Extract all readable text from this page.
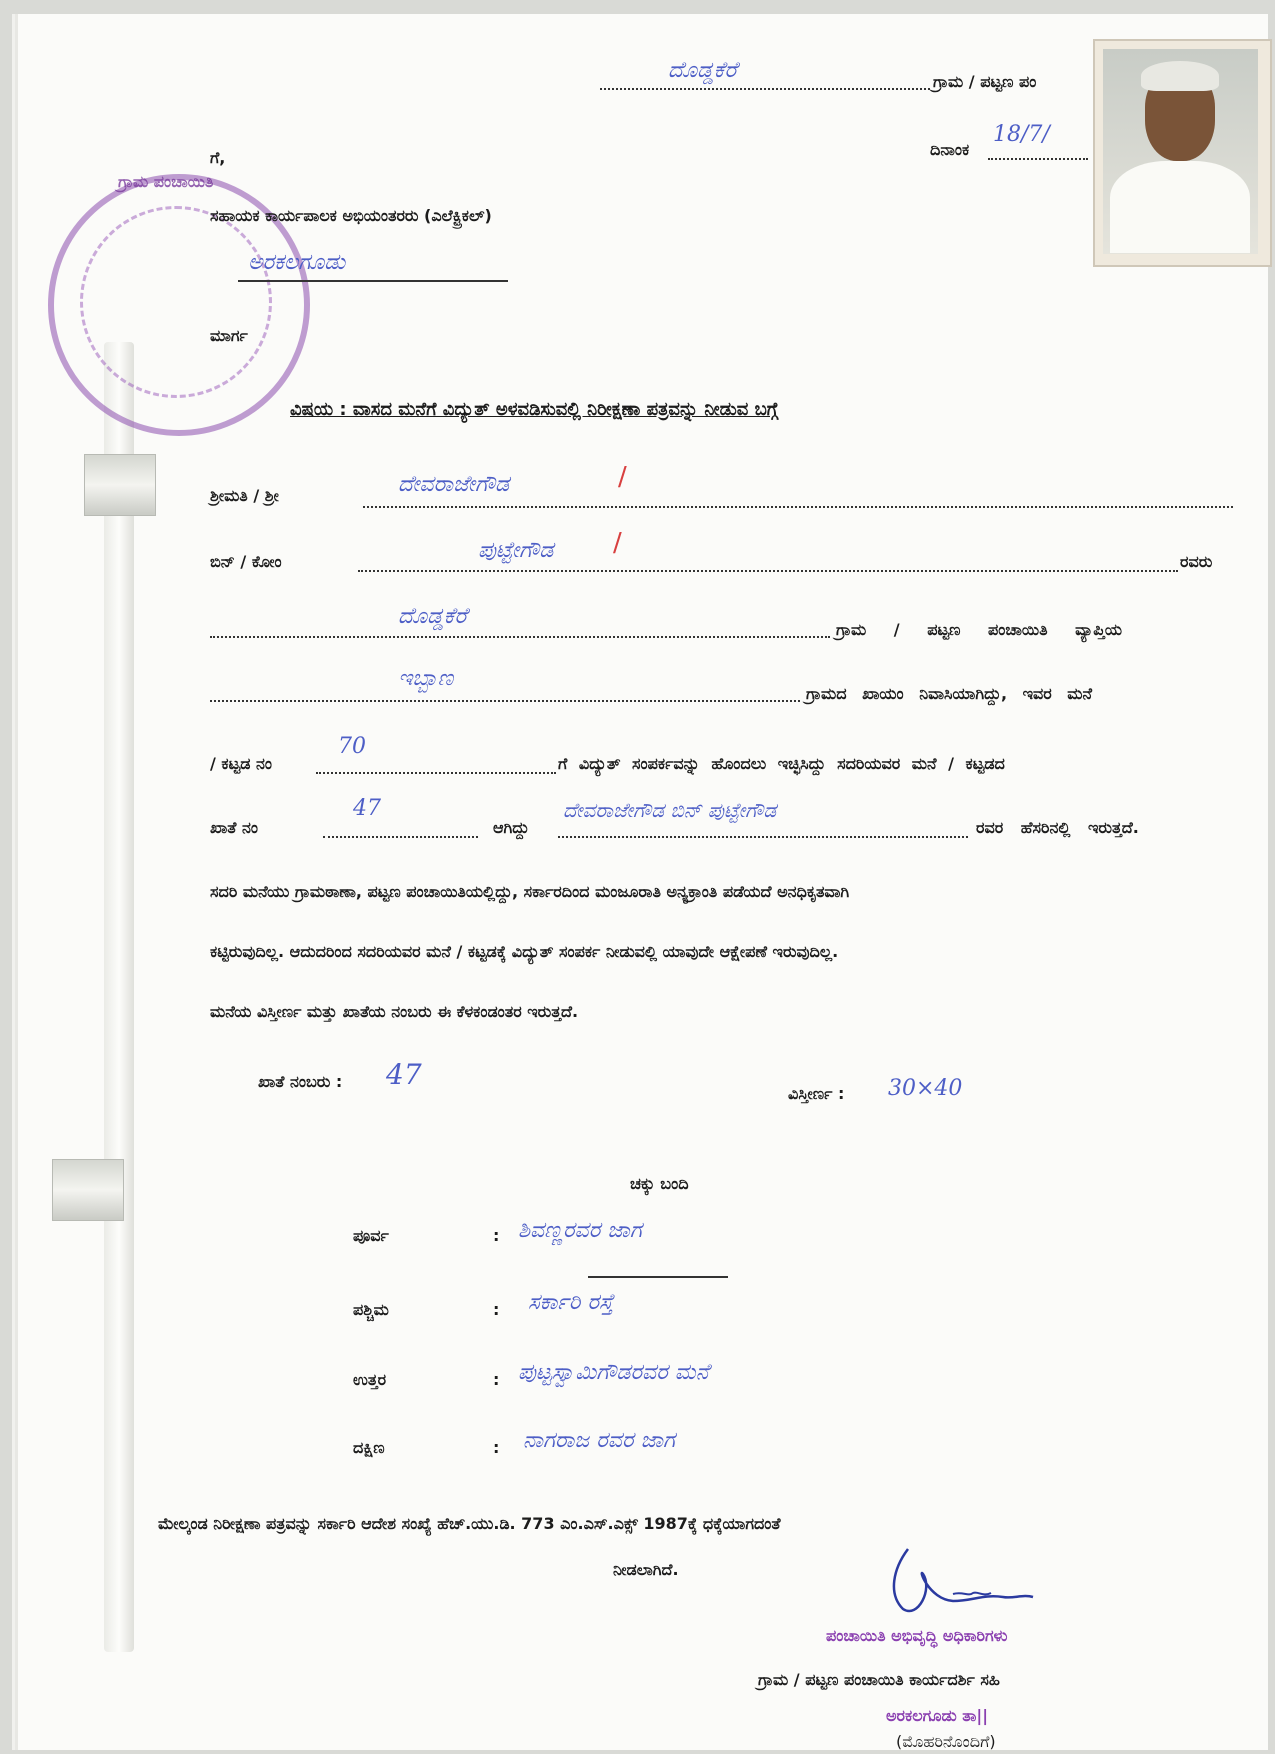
ಗ್ರಾಮ ಪಂಚಾಯಿತಿ
ದೊಡ್ಡಕೆರೆ	ಗ್ರಾಮ / ಪಟ್ಟಣ ಪಂ
ದಿನಾಂಕ
18/7/
ಗೆ,
ಸಹಾಯಕ ಕಾರ್ಯಪಾಲಕ ಅಭಿಯಂತರರು (ಎಲೆಕ್ಟ್ರಿಕಲ್)
ಅರಕಲಗೂಡು
ಮಾರ್ಗ
ವಿಷಯ : ವಾಸದ ಮನೆಗೆ ವಿದ್ಯುತ್ ಅಳವಡಿಸುವಲ್ಲಿ ನಿರೀಕ್ಷಣಾ ಪತ್ರವನ್ನು ನೀಡುವ ಬಗ್ಗೆ
ಶ್ರೀಮತಿ / ಶ್ರೀ	ದೇವರಾಜೇಗೌಡ	/
ಬಿನ್ / ಕೋಂ	ಪುಟ್ಟೇಗೌಡ /
ರವರು
ದೊಡ್ಡಕೆರೆ
ಗ್ರಾಮ / ಪಟ್ಟಣ ಪಂಚಾಯಿತಿ ವ್ಯಾಪ್ತಿಯ
ಇಬ್ಬಾಣ
ಗ್ರಾಮದ ಖಾಯಂ ನಿವಾಸಿಯಾಗಿದ್ದು, ಇವರ ಮನೆ
/ ಕಟ್ಟಡ ನಂ
70
ಗೆ ವಿದ್ಯುತ್ ಸಂಪರ್ಕವನ್ನು ಹೊಂದಲು ಇಚ್ಛಿಸಿದ್ದು ಸದರಿಯವರ ಮನೆ / ಕಟ್ಟಡದ
ಖಾತೆ ನಂ
47
ಆಗಿದ್ದು
ದೇವರಾಜೇಗೌಡ ಬಿನ್ ಪುಟ್ಟೇಗೌಡ
ರವರ ಹೆಸರಿನಲ್ಲಿ ಇರುತ್ತದೆ.
ಸದರಿ ಮನೆಯು ಗ್ರಾಮಠಾಣಾ, ಪಟ್ಟಣ ಪಂಚಾಯಿತಿಯಲ್ಲಿದ್ದು, ಸರ್ಕಾರದಿಂದ ಮಂಜೂರಾತಿ ಅನ್ಯಕ್ರಾಂತಿ ಪಡೆಯದೆ ಅನಧಿಕೃತವಾಗಿ
ಕಟ್ಟಿರುವುದಿಲ್ಲ. ಆದುದರಿಂದ ಸದರಿಯವರ ಮನೆ / ಕಟ್ಟಡಕ್ಕೆ ವಿದ್ಯುತ್ ಸಂಪರ್ಕ ನೀಡುವಲ್ಲಿ ಯಾವುದೇ ಆಕ್ಷೇಪಣೆ ಇರುವುದಿಲ್ಲ.
ಮನೆಯ ವಿಸ್ತೀರ್ಣ ಮತ್ತು ಖಾತೆಯ ನಂಬರು ಈ ಕೆಳಕಂಡಂತರ ಇರುತ್ತದೆ.
ಖಾತೆ ನಂಬರು : 47
ವಿಸ್ತೀರ್ಣ : 30×40
ಚಕ್ಕು ಬಂದಿ
ಪೂರ್ವ	: ಶಿವಣ್ಣರವರ ಜಾಗ
ಪಶ್ಚಿಮ	: ಸರ್ಕಾರಿ ರಸ್ತೆ
ಉತ್ತರ	: ಪುಟ್ಟಸ್ವಾಮಿಗೌಡರವರ ಮನೆ
ದಕ್ಷಿಣ	: ನಾಗರಾಜ ರವರ ಜಾಗ
ಮೇಲ್ಕಂಡ ನಿರೀಕ್ಷಣಾ ಪತ್ರವನ್ನು ಸರ್ಕಾರಿ ಆದೇಶ ಸಂಖ್ಯೆ ಹೆಚ್.ಯು.ಡಿ. 773 ಎಂ.ಎಸ್.ಎಕ್ಸ್ 1987ಕ್ಕೆ ಧಕ್ಕೆಯಾಗದಂತೆ
ನೀಡಲಾಗಿದೆ.
ಪಂಚಾಯಿತಿ ಅಭಿವೃದ್ಧಿ ಅಧಿಕಾರಿಗಳು
ಗ್ರಾಮ / ಪಟ್ಟಣ ಪಂಚಾಯಿತಿ ಕಾರ್ಯದರ್ಶಿ ಸಹಿ
ಅರಕಲಗೂಡು ತಾ||
(ಮೊಹರಿನೊಂದಿಗೆ)
